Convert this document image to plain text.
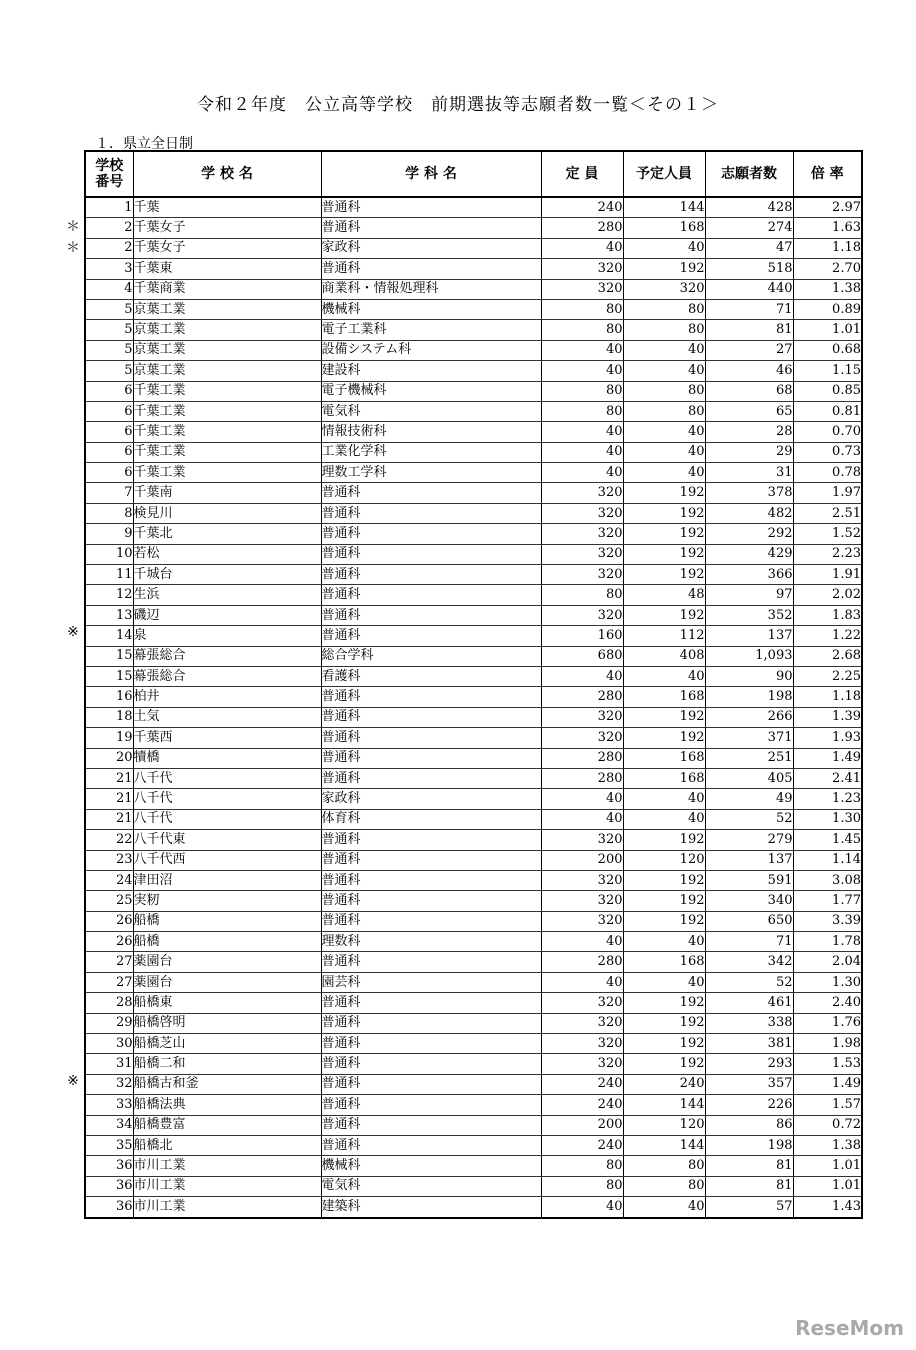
令和２年度　公立高等学校　前期選抜等志願者数一覧＜その１＞
１．県立全日制
学校
番号	学 校 名	学 科 名	定 員	予定人員	志願者数	倍 率
1	千葉	普通科	240	144	428	2.97
2	千葉女子	普通科	280	168	274	1.63
2	千葉女子	家政科	40	40	47	1.18
3	千葉東	普通科	320	192	518	2.70
4	千葉商業	商業科・情報処理科	320	320	440	1.38
5	京葉工業	機械科	80	80	71	0.89
5	京葉工業	電子工業科	80	80	81	1.01
5	京葉工業	設備システム科	40	40	27	0.68
5	京葉工業	建設科	40	40	46	1.15
6	千葉工業	電子機械科	80	80	68	0.85
6	千葉工業	電気科	80	80	65	0.81
6	千葉工業	情報技術科	40	40	28	0.70
6	千葉工業	工業化学科	40	40	29	0.73
6	千葉工業	理数工学科	40	40	31	0.78
7	千葉南	普通科	320	192	378	1.97
8	検見川	普通科	320	192	482	2.51
9	千葉北	普通科	320	192	292	1.52
10	若松	普通科	320	192	429	2.23
11	千城台	普通科	320	192	366	1.91
12	生浜	普通科	80	48	97	2.02
13	磯辺	普通科	320	192	352	1.83
14	泉	普通科	160	112	137	1.22
15	幕張総合	総合学科	680	408	1,093	2.68
15	幕張総合	看護科	40	40	90	2.25
16	柏井	普通科	280	168	198	1.18
18	土気	普通科	320	192	266	1.39
19	千葉西	普通科	320	192	371	1.93
20	犢橋	普通科	280	168	251	1.49
21	八千代	普通科	280	168	405	2.41
21	八千代	家政科	40	40	49	1.23
21	八千代	体育科	40	40	52	1.30
22	八千代東	普通科	320	192	279	1.45
23	八千代西	普通科	200	120	137	1.14
24	津田沼	普通科	320	192	591	3.08
25	実籾	普通科	320	192	340	1.77
26	船橋	普通科	320	192	650	3.39
26	船橋	理数科	40	40	71	1.78
27	薬園台	普通科	280	168	342	2.04
27	薬園台	園芸科	40	40	52	1.30
28	船橋東	普通科	320	192	461	2.40
29	船橋啓明	普通科	320	192	338	1.76
30	船橋芝山	普通科	320	192	381	1.98
31	船橋二和	普通科	320	192	293	1.53
32	船橋古和釜	普通科	240	240	357	1.49
33	船橋法典	普通科	240	144	226	1.57
34	船橋豊富	普通科	200	120	86	0.72
35	船橋北	普通科	240	144	198	1.38
36	市川工業	機械科	80	80	81	1.01
36	市川工業	電気科	80	80	81	1.01
36	市川工業	建築科	40	40	57	1.43
＊
＊
※
※
ReseMom
